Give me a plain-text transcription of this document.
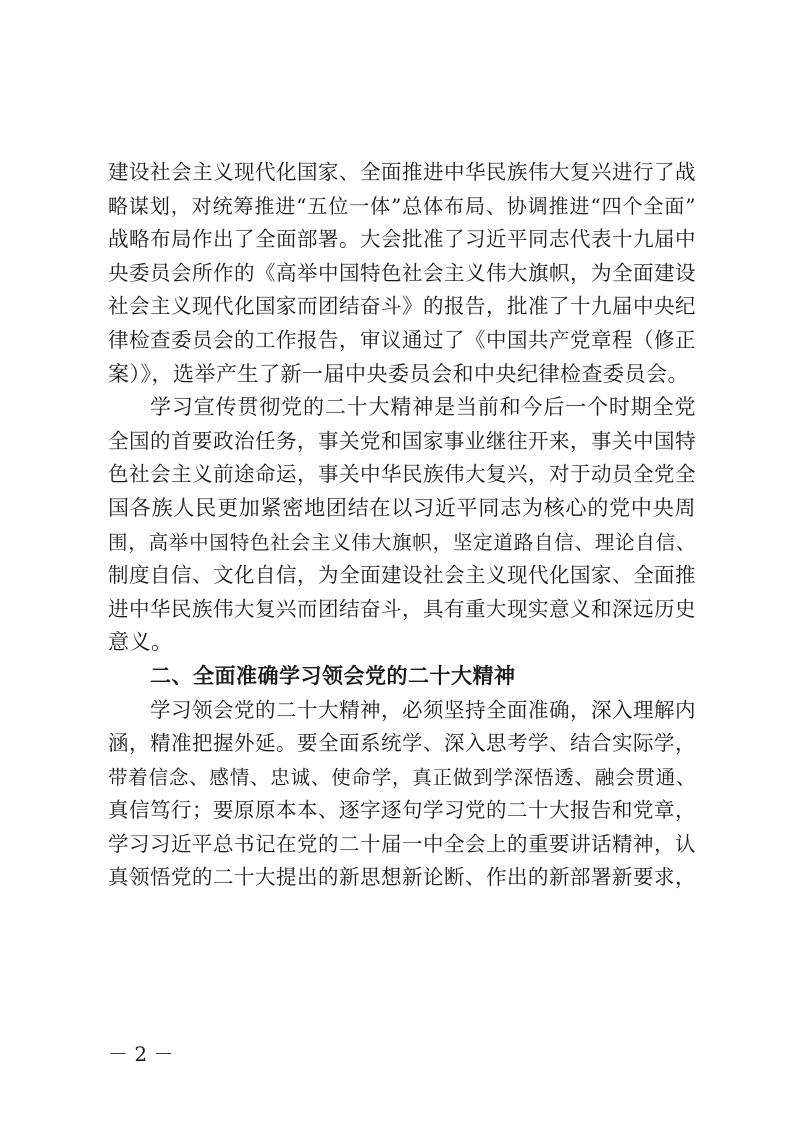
建设社会主义现代化国家、全面推进中华民族伟大复兴进行了战
略谋划，对统筹推进“五位一体”总体布局、协调推进“四个全面”
战略布局作出了全面部署。大会批准了习近平同志代表十九届中
央委员会所作的《高举中国特色社会主义伟大旗帜，为全面建设
社会主义现代化国家而团结奋斗》的报告，批准了十九届中央纪
律检查委员会的工作报告，审议通过了《中国共产党章程（修正
案）》，选举产生了新一届中央委员会和中央纪律检查委员会。
学习宣传贯彻党的二十大精神是当前和今后一个时期全党
全国的首要政治任务，事关党和国家事业继往开来，事关中国特
色社会主义前途命运，事关中华民族伟大复兴，对于动员全党全
国各族人民更加紧密地团结在以习近平同志为核心的党中央周
围，高举中国特色社会主义伟大旗帜，坚定道路自信、理论自信、
制度自信、文化自信，为全面建设社会主义现代化国家、全面推
进中华民族伟大复兴而团结奋斗，具有重大现实意义和深远历史
意义。
二、全面准确学习领会党的二十大精神
学习领会党的二十大精神，必须坚持全面准确，深入理解内
涵，精准把握外延。要全面系统学、深入思考学、结合实际学，
带着信念、感情、忠诚、使命学，真正做到学深悟透、融会贯通、
真信笃行；要原原本本、逐字逐句学习党的二十大报告和党章，
学习习近平总书记在党的二十届一中全会上的重要讲话精神，认
真领悟党的二十大提出的新思想新论断、作出的新部署新要求，
－ 2 －
